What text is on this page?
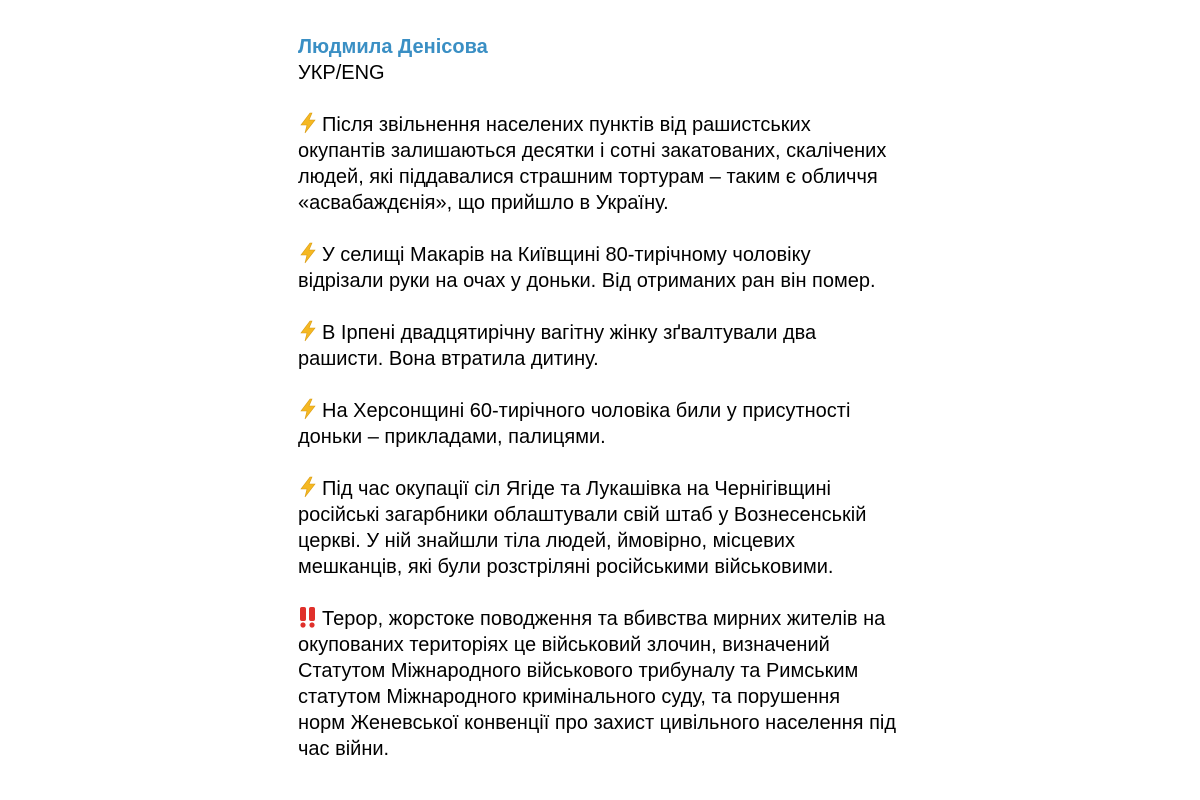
Людмила Денісова
УКР/ENG
Після звільнення населених пунктів від рашистських
окупантів залишаються десятки і сотні закатованих, скалічених
людей, які піддавалися страшним тортурам – таким є обличчя
«асвабаждєнія», що прийшло в Україну.
У селищі Макарів на Київщині 80-тирічному чоловіку
відрізали руки на очах у доньки. Від отриманих ран він помер.
В Ірпені двадцятирічну вагітну жінку зґвалтували два
рашисти. Вона втратила дитину.
На Херсонщині 60-тирічного чоловіка били у присутності
доньки – прикладами, палицями.
Під час окупації сіл Ягіде та Лукашівка на Чернігівщині
російські загарбники облаштували свій штаб у Вознесенській
церкві. У ній знайшли тіла людей, ймовірно, місцевих
мешканців, які були розстріляні російськими військовими.
Терор, жорстоке поводження та вбивства мирних жителів на
окупованих територіях це військовий злочин, визначений
Статутом Міжнародного військового трибуналу та Римським
статутом Міжнародного кримінального суду, та порушення
норм Женевської конвенції про захист цивільного населення під
час війни.
